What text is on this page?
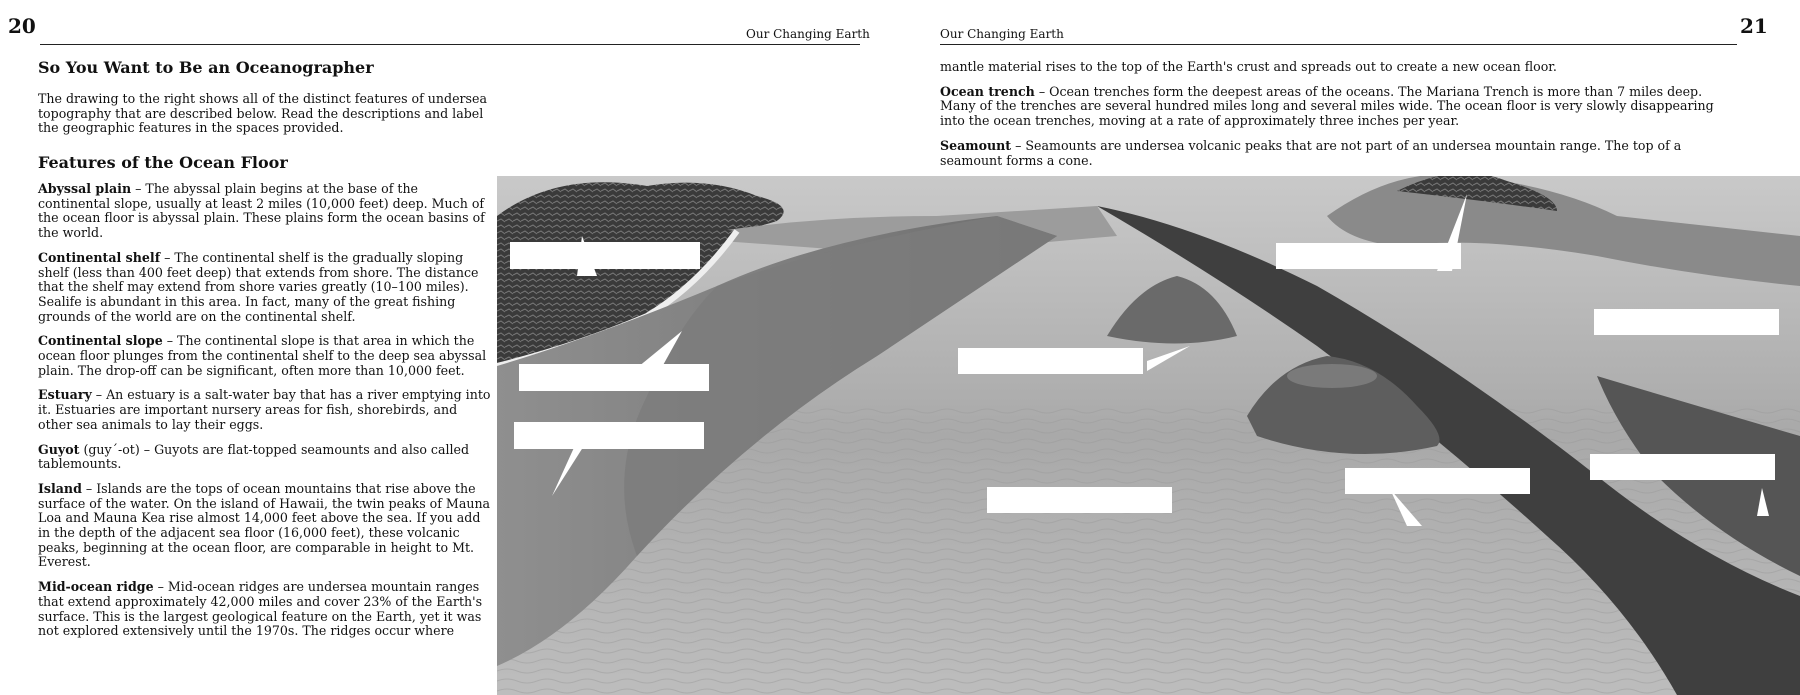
20	Our Changing Earth	Our Changing Earth	21
So You Want to Be an Oceanographer

The drawing to the right shows all of the distinct features of undersea topography that are described below. Read the descriptions and label the geographic features in the spaces provided.

Features of the Ocean Floor

Abyssal plain – The abyssal plain begins at the base of the continental slope, usually at least 2 miles (10,000 feet) deep. Much of the ocean floor is abyssal plain. These plains form the ocean basins of the world.

Continental shelf – The continental shelf is the gradually sloping shelf (less than 400 feet deep) that extends from shore. The distance that the shelf may extend from shore varies greatly (10–100 miles). Sealife is abundant in this area. In fact, many of the great fishing grounds of the world are on the continental shelf.

Continental slope – The continental slope is that area in which the ocean floor plunges from the continental shelf to the deep sea abyssal plain. The drop-off can be significant, often more than 10,000 feet.

Estuary – An estuary is a salt-water bay that has a river emptying into it. Estuaries are important nursery areas for fish, shorebirds, and other sea animals to lay their eggs.

Guyot (guy´-ot) – Guyots are flat-topped seamounts and also called tablemounts.

Island – Islands are the tops of ocean mountains that rise above the surface of the water. On the island of Hawaii, the twin peaks of Mauna Loa and Mauna Kea rise almost 14,000 feet above the sea. If you add in the depth of the adjacent sea floor (16,000 feet), these volcanic peaks, beginning at the ocean floor, are comparable in height to Mt. Everest.

Mid-ocean ridge – Mid-ocean ridges are undersea mountain ranges that extend approximately 42,000 miles and cover 23% of the Earth's surface. This is the largest geological feature on the Earth, yet it was not explored extensively until the 1970s. The ridges occur where

mantle material rises to the top of the Earth's crust and spreads out to create a new ocean floor.

Ocean trench – Ocean trenches form the deepest areas of the oceans. The Mariana Trench is more than 7 miles deep. Many of the trenches are several hundred miles long and several miles wide. The ocean floor is very slowly disappearing into the ocean trenches, moving at a rate of approximately three inches per year.

Seamount – Seamounts are undersea volcanic peaks that are not part of an undersea mountain range. The top of a seamount forms a cone.
